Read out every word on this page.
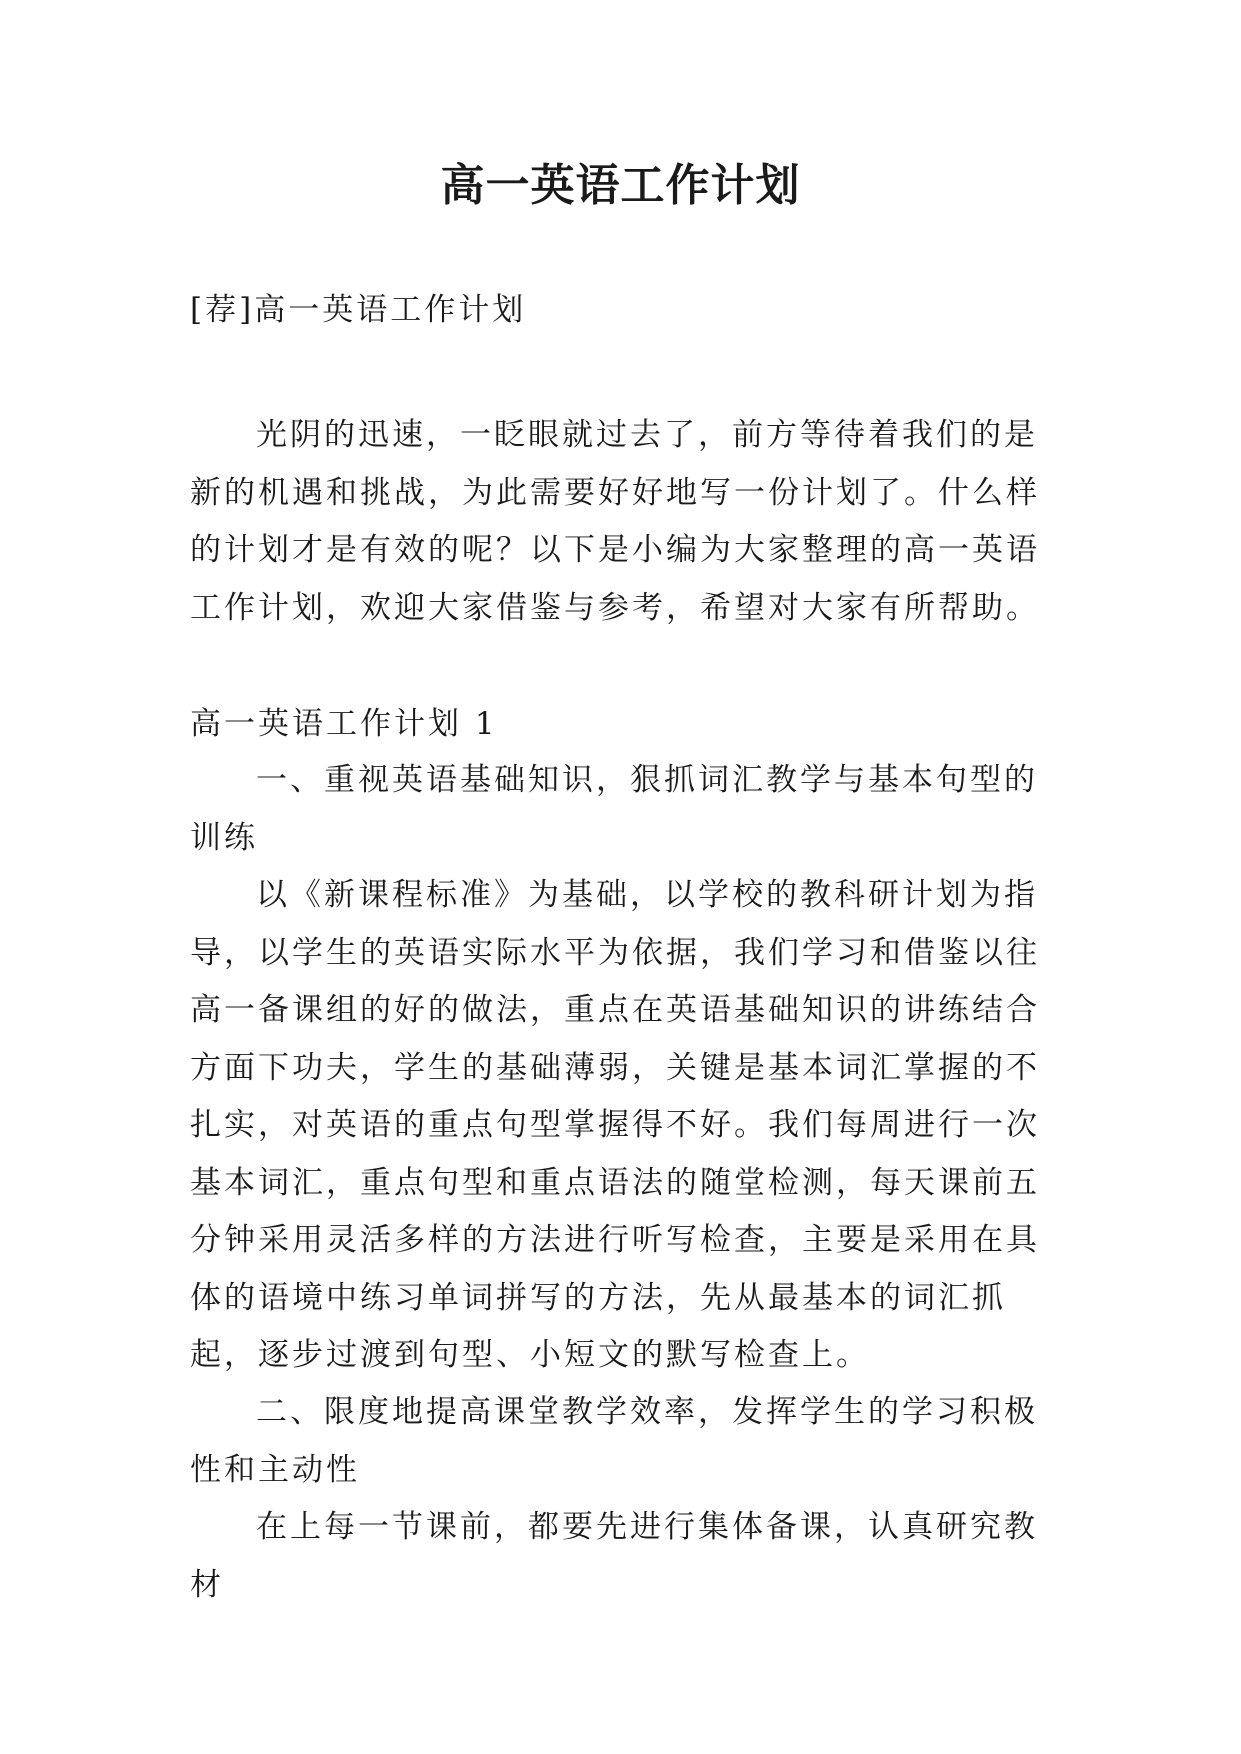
高一英语工作计划
[荐]高一英语工作计划

光阴的迅速，一眨眼就过去了，前方等待着我们的是新的机遇和挑战，为此需要好好地写一份计划了。什么样的计划才是有效的呢？以下是小编为大家整理的高一英语工作计划，欢迎大家借鉴与参考，希望对大家有所帮助。

高一英语工作计划 1

一、重视英语基础知识，狠抓词汇教学与基本句型的训练

以《新课程标准》为基础，以学校的教科研计划为指导，以学生的英语实际水平为依据，我们学习和借鉴以往高一备课组的好的做法，重点在英语基础知识的讲练结合方面下功夫，学生的基础薄弱，关键是基本词汇掌握的不扎实，对英语的重点句型掌握得不好。我们每周进行一次基本词汇，重点句型和重点语法的随堂检测，每天课前五分钟采用灵活多样的方法进行听写检查，主要是采用在具体的语境中练习单词拼写的方法，先从最基本的词汇抓起，逐步过渡到句型、小短文的默写检查上。

二、限度地提高课堂教学效率，发挥学生的学习积极性和主动性

在上每一节课前，都要先进行集体备课，认真研究教材
